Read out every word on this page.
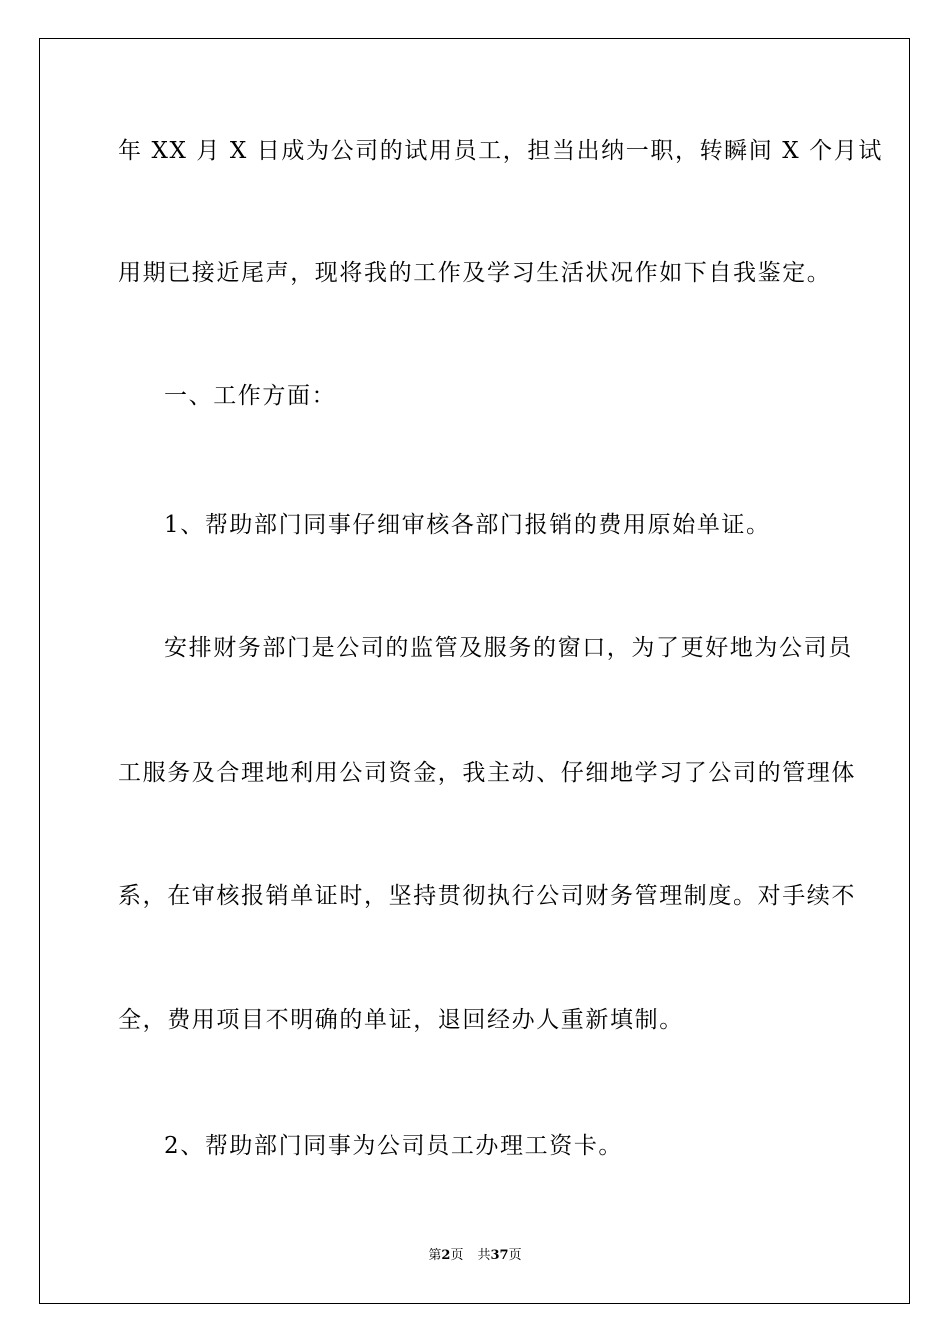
年 XX 月 X 日成为公司的试用员工，担当出纳一职，转瞬间 X 个月试
用期已接近尾声，现将我的工作及学习生活状况作如下自我鉴定。
一、工作方面：
1、帮助部门同事仔细审核各部门报销的费用原始单证。
安排财务部门是公司的监管及服务的窗口，为了更好地为公司员
工服务及合理地利用公司资金，我主动、仔细地学习了公司的管理体
系，在审核报销单证时，坚持贯彻执行公司财务管理制度。对手续不
全，费用项目不明确的单证，退回经办人重新填制。
2、帮助部门同事为公司员工办理工资卡。
第2页 共37页
